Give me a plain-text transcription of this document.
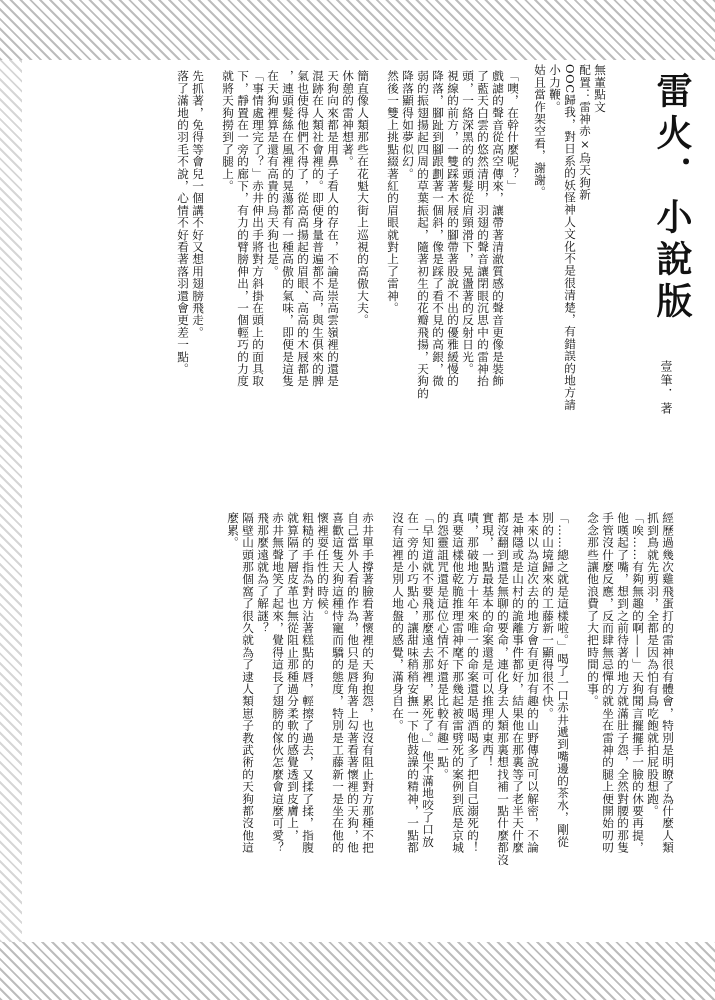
雷火．小說版
壹筆．著
無董點文
配置：雷神赤×烏天狗新
OOC歸我，對日系的妖怪神人文化不是很清楚，有錯誤的地方請
小力鞭。
姑且當作架空看，謝謝。
「噢，在幹什麼呢？」
戲謔的聲音從高空傳來，讓帶著清澈質感的聲音更像是裝飾
了藍天白雲的悠然清明，羽翅的聲音讓閉眼沉思中的雷神抬
頭，一絡深黑的的頭髮從肩頸滑下，晃盪著的反射日光。
視線的前方，一雙踩著木屐的腳帶著股說不出的優雅緩慢的
降落，腳趾到腳跟劃著一個斜，像是踩了看不見的高銀，微
弱的振翅揚起四周的草葉振起，隨著初生的花瓣飛揚，天狗的
降落顯得如夢似幻。
然後一雙上挑點綴著紅的眉眼就對上了雷神。

簡直像人類那些在花魁大街上巡視的高傲大夫。
休憩的雷神想著。
天狗向來都是用鼻子看人的存在，不論是崇高雲嶺裡的還是
混跡在人類社會裡的。即便身量普遍都不高，與生俱來的脾
氣也使得他們不得了，從高高揚起的眉眼、高高的木屐都是
，連頭髮絲在風裡的晃蕩都有一種高傲的氣味，即便是這隻
在天狗裡算是還有高貴的烏天狗也是。
「事情處理完了？」赤井伸出手將對方斜掛在頭上的面具取
下，靜置在一旁的廊下，有力的臂膀伸出，一個輕巧的力度
就將天狗撈到了腿上。

先抓著，免得等會兒一個講不好又想用翅膀飛走。
落了滿地的羽毛不說，心情不好看著落羽還會更差一點。
經歷過幾次雞飛蛋打的雷神很有體會，特別是明瞭了為什麼人類
抓到鳥就先剪羽，全都是因為怕有鳥吃飽就拍屁股想跑。
「唉……有夠無趣的啊——」天狗聞言擺擺手一臉的休要再提，
他嘆起了嘴，想到之前待著的地方就滿肚子怨，全然對腰的那隻
手管沒什麼反應，反而肆無忌憚的就坐在雷神的腿上便開始叨叨
念念那些讓他浪費了大把時間的事。

「……總之就是這樣啦。」喝了一口赤井遞到嘴邊的茶水，剛從
別的山境歸來的工藤新一顯得很不快。
本來以為這次去的地方會有更加有趣的山野傳說可以解密，不論
是神隱或是山村的詭離事件都好，結果他在那裏等了老半天什麼
都沒翻到還是無聊的要命，連化身去人類那裏想找補一點什麼都沒
實現，一點最基本的命案還是可以推理的東西！
嘖，那破地方十年來唯一的命案還是喝酒喝多了把自己溺死的！
真要這樣他乾脆推理雷神麾下那幾起被雷劈死的案例到底是京城
的怨靈詛咒還是這位心情不好還是比較有趣一點。
「早知道就不要飛那麼遠去那裡，累死了。」他不滿地咬了口放
在一旁的小巧點心，讓甜味稍稍安撫一下他鼓譟的精神，一點都
沒有這裡是別人地盤的感覺，滿身自在。

赤井單手撐著臉看著懷裡的天狗抱怨，也沒有阻止對方那種不把
自己當外人看的作為，他只是唇角著上勾著看著懷裡的天狗，他
喜歡這隻天狗這種恃寵而驕的態度，特別是工藤新一是坐在他的
懷裡耍任性的時候。
粗糙的手指為對方沾著糕點的唇，輕擦了過去，又揉了揉，指腹
就算隔了層皮革也無從阻止那種過分柔軟的感覺透到皮膚上，
赤井無聲地笑了起來，覺得這長了翅膀的傢伙怎麼會這麼可愛？
飛那麼遠就為了解謎？
隔壁山頭那個窩了很久就為了逮人類崽子教武術的天狗都沒他這
麼累。
